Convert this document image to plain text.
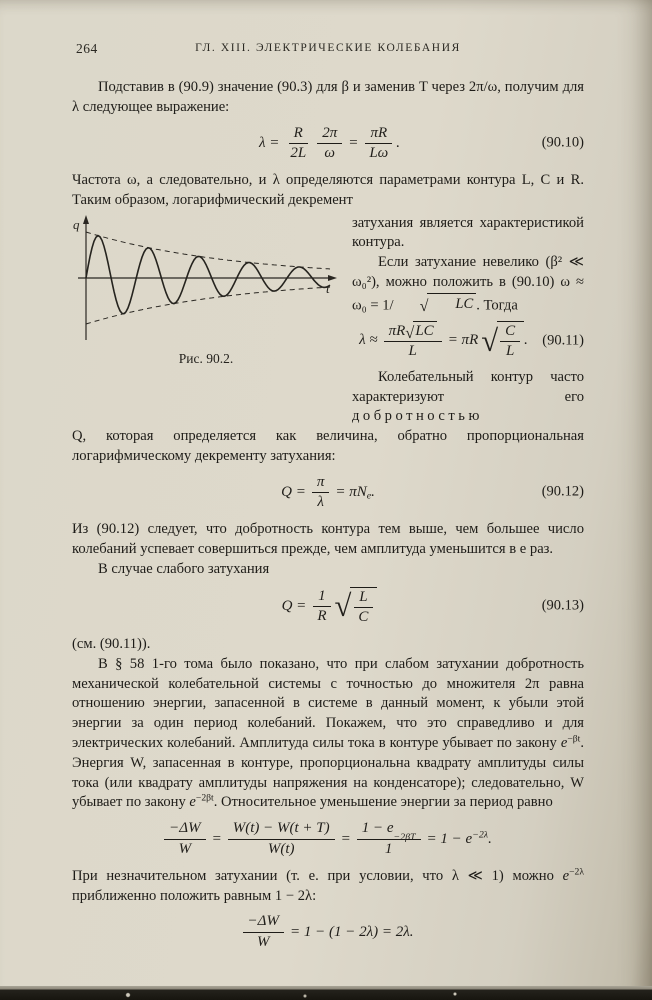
264	ГЛ. XIII. ЭЛЕКТРИЧЕСКИЕ КОЛЕБАНИЯ

Подставив в (90.9) значение (90.3) для β и заменив T через 2π/ω, получим для λ следующее выражение:

$\lambda = \frac{R}{2L} \frac{2\pi}{\omega} = \frac{\pi R}{L\omega}$ .	(90.10)

Частота ω, а следовательно, и λ определяются параметрами контура L, C и R. Таким образом, логарифмический декремент

q
t
Рис. 90.2.

затухания является характеристикой контура.

Если затухание невелико (β² ≪ ω₀²), можно положить в (90.10) ω ≈ ω₀ = 1/	√	LC . Тогда

$\lambda \approx \frac{\pi R √ LC}{L} = \pi R$ √ $\frac{C}{L}$ . (90.11)

Колебательный контур часто характеризуют его добротностью

Q, которая определяется как величина, обратно пропорциональная логарифмическому декременту затухания:

$Q = \frac{\pi}{\lambda} = \pi N_e$.	(90.12)

Из (90.12) следует, что добротность контура тем выше, чем большее число колебаний успевает совершиться прежде, чем амплитуда уменьшится в e раз.

В случае слабого затухания

$Q = \frac{1}{R}$ √ $\frac{L}{C}$	(90.13)

(см. (90.11)).

В § 58 1-го тома было показано, что при слабом затухании добротность механической колебательной системы с точностью до множителя 2π равна отношению энергии, запасенной в системе в данный момент, к убыли этой энергии за один период колебаний. Покажем, что это справедливо и для электрических колебаний. Амплитуда силы тока в контуре убывает по закону $e^{-\beta t}$. Энергия W, запасенная в контуре, пропорциональна квадрату амплитуды силы тока (или квадрату амплитуды напряжения на конденсаторе); следовательно, W убывает по закону $e^{-2\beta t}$. Относительное уменьшение энергии за период равно

$\frac{-\Delta W}{W} = \frac{W(t) - W(t + T)}{W(t)} = 1 - e$
−2βT
$1 = 1 - e^{-2\lambda}$.

При незначительном затухании (т. е. при условии, что λ ≪ 1) можно $e^{-2\lambda}$ приближенно положить равным 1 − 2λ:

$\frac{-\Delta W}{W} = 1 - (1 - 2\lambda) = 2\lambda$.
